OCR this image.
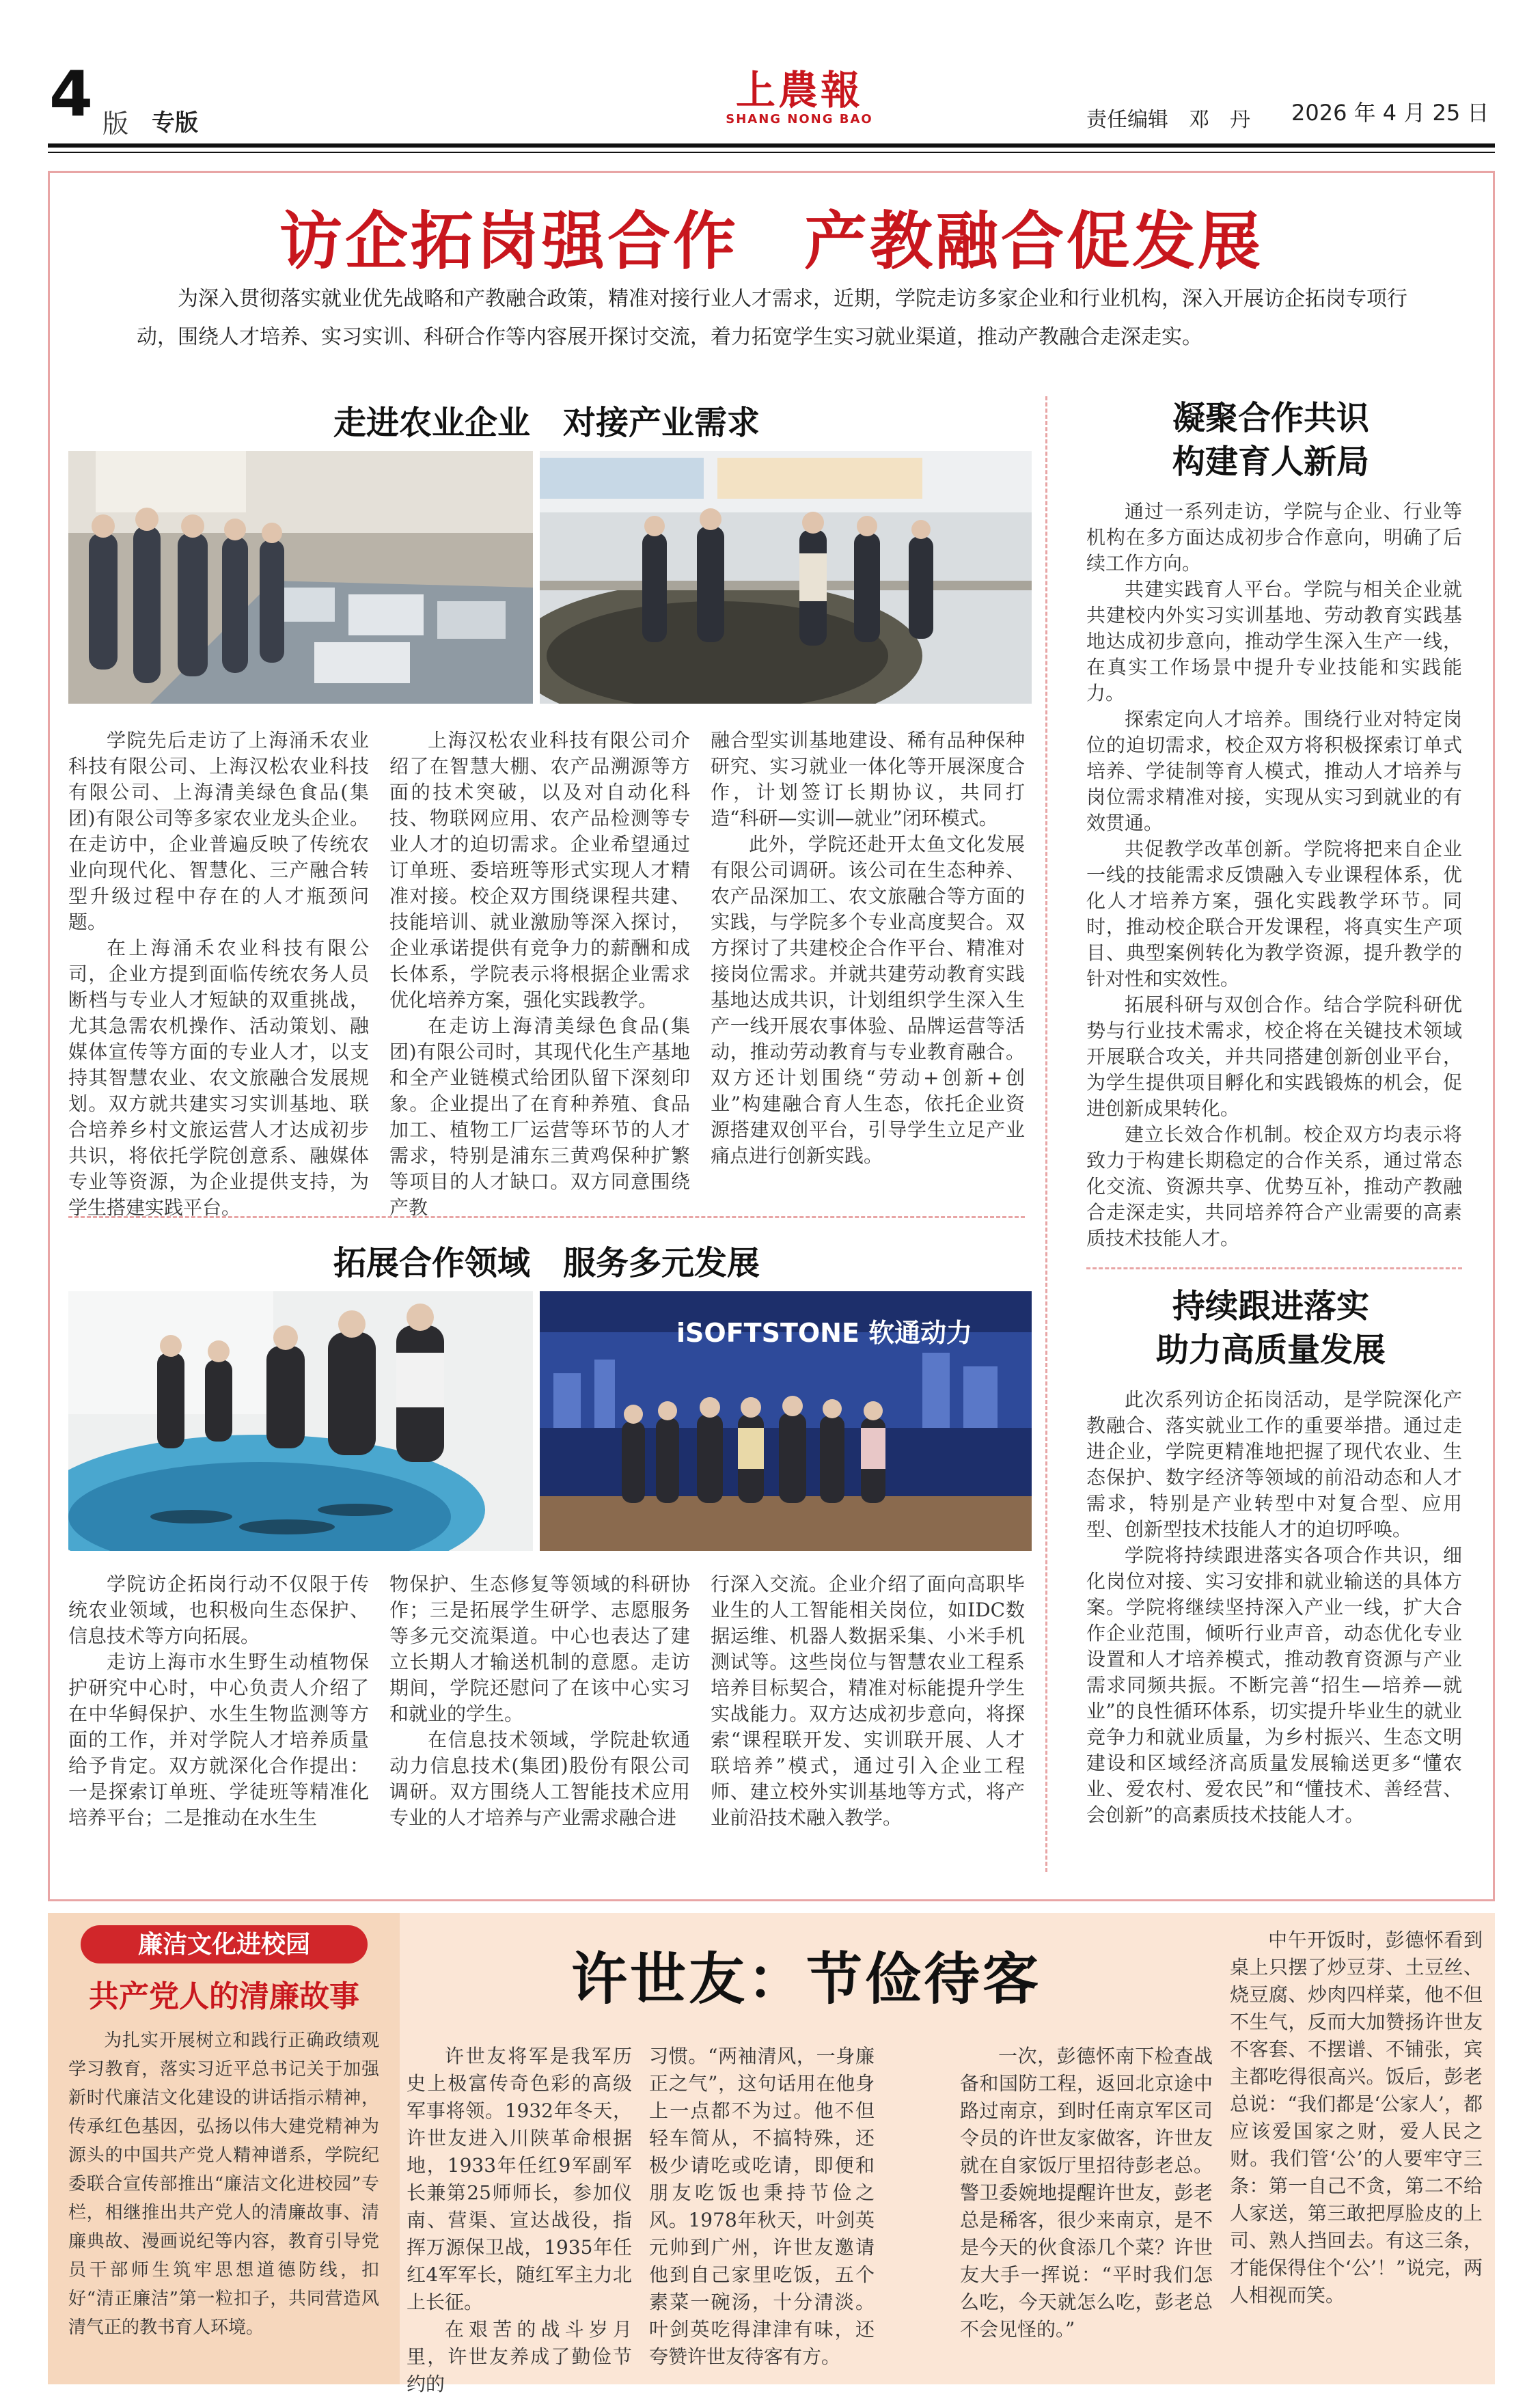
4 版 专版
上農報
SHANG NONG BAO	责任编辑　邓　丹 2026 年 4 月 25 日
访企拓岗强合作　产教融合促发展
为深入贯彻落实就业优先战略和产教融合政策，精准对接行业人才需求，近期，学院走访多家企业和行业机构，深入开展访企拓岗专项行动，围绕人才培养、实习实训、科研合作等内容展开探讨交流，着力拓宽学生实习就业渠道，推动产教融合走深走实。
走进农业企业　对接产业需求

学院先后走访了上海涌禾农业科技有限公司、上海汉松农业科技有限公司、上海清美绿色食品(集团)有限公司等多家农业龙头企业。在走访中，企业普遍反映了传统农业向现代化、智慧化、三产融合转型升级过程中存在的人才瓶颈问题。

在上海涌禾农业科技有限公司，企业方提到面临传统农务人员断档与专业人才短缺的双重挑战，尤其急需农机操作、活动策划、融媒体宣传等方面的专业人才，以支持其智慧农业、农文旅融合发展规划。双方就共建实习实训基地、联合培养乡村文旅运营人才达成初步共识，将依托学院创意系、融媒体专业等资源，为企业提供支持，为学生搭建实践平台。

上海汉松农业科技有限公司介绍了在智慧大棚、农产品溯源等方面的技术突破，以及对自动化科技、物联网应用、农产品检测等专业人才的迫切需求。企业希望通过订单班、委培班等形式实现人才精准对接。校企双方围绕课程共建、技能培训、就业激励等深入探讨，企业承诺提供有竞争力的薪酬和成长体系，学院表示将根据企业需求优化培养方案，强化实践教学。

在走访上海清美绿色食品(集团)有限公司时，其现代化生产基地和全产业链模式给团队留下深刻印象。企业提出了在育种养殖、食品加工、植物工厂运营等环节的人才需求，特别是浦东三黄鸡保种扩繁等项目的人才缺口。双方同意围绕产教

融合型实训基地建设、稀有品种保种研究、实习就业一体化等开展深度合作，计划签订长期协议，共同打造“科研—实训—就业”闭环模式。

此外，学院还赴开太鱼文化发展有限公司调研。该公司在生态种养、农产品深加工、农文旅融合等方面的实践，与学院多个专业高度契合。双方探讨了共建校企合作平台、精准对接岗位需求。并就共建劳动教育实践基地达成共识，计划组织学生深入生产一线开展农事体验、品牌运营等活动，推动劳动教育与专业教育融合。双方还计划围绕“劳动+创新+创业”构建融合育人生态，依托企业资源搭建双创平台，引导学生立足产业痛点进行创新实践。

拓展合作领域　服务多元发展
iSOFTSTONE 软通动力

学院访企拓岗行动不仅限于传统农业领域，也积极向生态保护、信息技术等方向拓展。

走访上海市水生野生动植物保护研究中心时，中心负责人介绍了在中华鲟保护、水生生物监测等方面的工作，并对学院人才培养质量给予肯定。双方就深化合作提出：一是探索订单班、学徒班等精准化培养平台；二是推动在水生生

物保护、生态修复等领域的科研协作；三是拓展学生研学、志愿服务等多元交流渠道。中心也表达了建立长期人才输送机制的意愿。走访期间，学院还慰问了在该中心实习和就业的学生。

在信息技术领域，学院赴软通动力信息技术(集团)股份有限公司调研。双方围绕人工智能技术应用专业的人才培养与产业需求融合进

行深入交流。企业介绍了面向高职毕业生的人工智能相关岗位，如IDC数据运维、机器人数据采集、小米手机测试等。这些岗位与智慧农业工程系培养目标契合，精准对标能提升学生实战能力。双方达成初步意向，将探索“课程联开发、实训联开展、人才联培养”模式，通过引入企业工程师、建立校外实训基地等方式，将产业前沿技术融入教学。

凝聚合作共识
构建育人新局

通过一系列走访，学院与企业、行业等机构在多方面达成初步合作意向，明确了后续工作方向。

共建实践育人平台。学院与相关企业就共建校内外实习实训基地、劳动教育实践基地达成初步意向，推动学生深入生产一线，在真实工作场景中提升专业技能和实践能力。

探索定向人才培养。围绕行业对特定岗位的迫切需求，校企双方将积极探索订单式培养、学徒制等育人模式，推动人才培养与岗位需求精准对接，实现从实习到就业的有效贯通。

共促教学改革创新。学院将把来自企业一线的技能需求反馈融入专业课程体系，优化人才培养方案，强化实践教学环节。同时，推动校企联合开发课程，将真实生产项目、典型案例转化为教学资源，提升教学的针对性和实效性。

拓展科研与双创合作。结合学院科研优势与行业技术需求，校企将在关键技术领域开展联合攻关，并共同搭建创新创业平台，为学生提供项目孵化和实践锻炼的机会，促进创新成果转化。

建立长效合作机制。校企双方均表示将致力于构建长期稳定的合作关系，通过常态化交流、资源共享、优势互补，推动产教融合走深走实，共同培养符合产业需要的高素质技术技能人才。

持续跟进落实
助力高质量发展

此次系列访企拓岗活动，是学院深化产教融合、落实就业工作的重要举措。通过走进企业，学院更精准地把握了现代农业、生态保护、数字经济等领域的前沿动态和人才需求，特别是产业转型中对复合型、应用型、创新型技术技能人才的迫切呼唤。

学院将持续跟进落实各项合作共识，细化岗位对接、实习安排和就业输送的具体方案。学院将继续坚持深入产业一线，扩大合作企业范围，倾听行业声音，动态优化专业设置和人才培养模式，推动教育资源与产业需求同频共振。不断完善“招生—培养—就业”的良性循环体系，切实提升毕业生的就业竞争力和就业质量，为乡村振兴、生态文明建设和区域经济高质量发展输送更多“懂农业、爱农村、爱农民”和“懂技术、善经营、会创新”的高素质技术技能人才。

廉洁文化进校园
共产党人的清廉故事
为扎实开展树立和践行正确政绩观学习教育，落实习近平总书记关于加强新时代廉洁文化建设的讲话指示精神，传承红色基因，弘扬以伟大建党精神为源头的中国共产党人精神谱系，学院纪委联合宣传部推出“廉洁文化进校园”专栏，相继推出共产党人的清廉故事、清廉典故、漫画说纪等内容，教育引导党员干部师生筑牢思想道德防线，扣好“清正廉洁”第一粒扣子，共同营造风清气正的教书育人环境。
许世友：节俭待客

许世友将军是我军历史上极富传奇色彩的高级军事将领。1932年冬天，许世友进入川陕革命根据地，1933年任红9军副军长兼第25师师长，参加仪南、营渠、宣达战役，指挥万源保卫战，1935年任红4军军长，随红军主力北上长征。

在艰苦的战斗岁月里，许世友养成了勤俭节约的

习惯。“两袖清风，一身廉正之气”，这句话用在他身上一点都不为过。他不但轻车简从，不搞特殊，还极少请吃或吃请，即便和朋友吃饭也秉持节俭之风。1978年秋天，叶剑英元帅到广州，许世友邀请他到自己家里吃饭，五个素菜一碗汤，十分清淡。叶剑英吃得津津有味，还夸赞许世友待客有方。

一次，彭德怀南下检查战备和国防工程，返回北京途中路过南京，到时任南京军区司令员的许世友家做客，许世友就在自家饭厅里招待彭老总。警卫委婉地提醒许世友，彭老总是稀客，很少来南京，是不是今天的伙食添几个菜？许世友大手一挥说：“平时我们怎么吃，今天就怎么吃，彭老总不会见怪的。”

中午开饭时，彭德怀看到桌上只摆了炒豆芽、土豆丝、烧豆腐、炒肉四样菜，他不但不生气，反而大加赞扬许世友不客套、不摆谱、不铺张，宾主都吃得很高兴。饭后，彭老总说：“我们都是‘公家人’，都应该爱国家之财，爱人民之财。我们管‘公’的人要牢守三条：第一自己不贪，第二不给人家送，第三敢把厚脸皮的上司、熟人挡回去。有这三条，才能保得住个‘公’！”说完，两人相视而笑。
